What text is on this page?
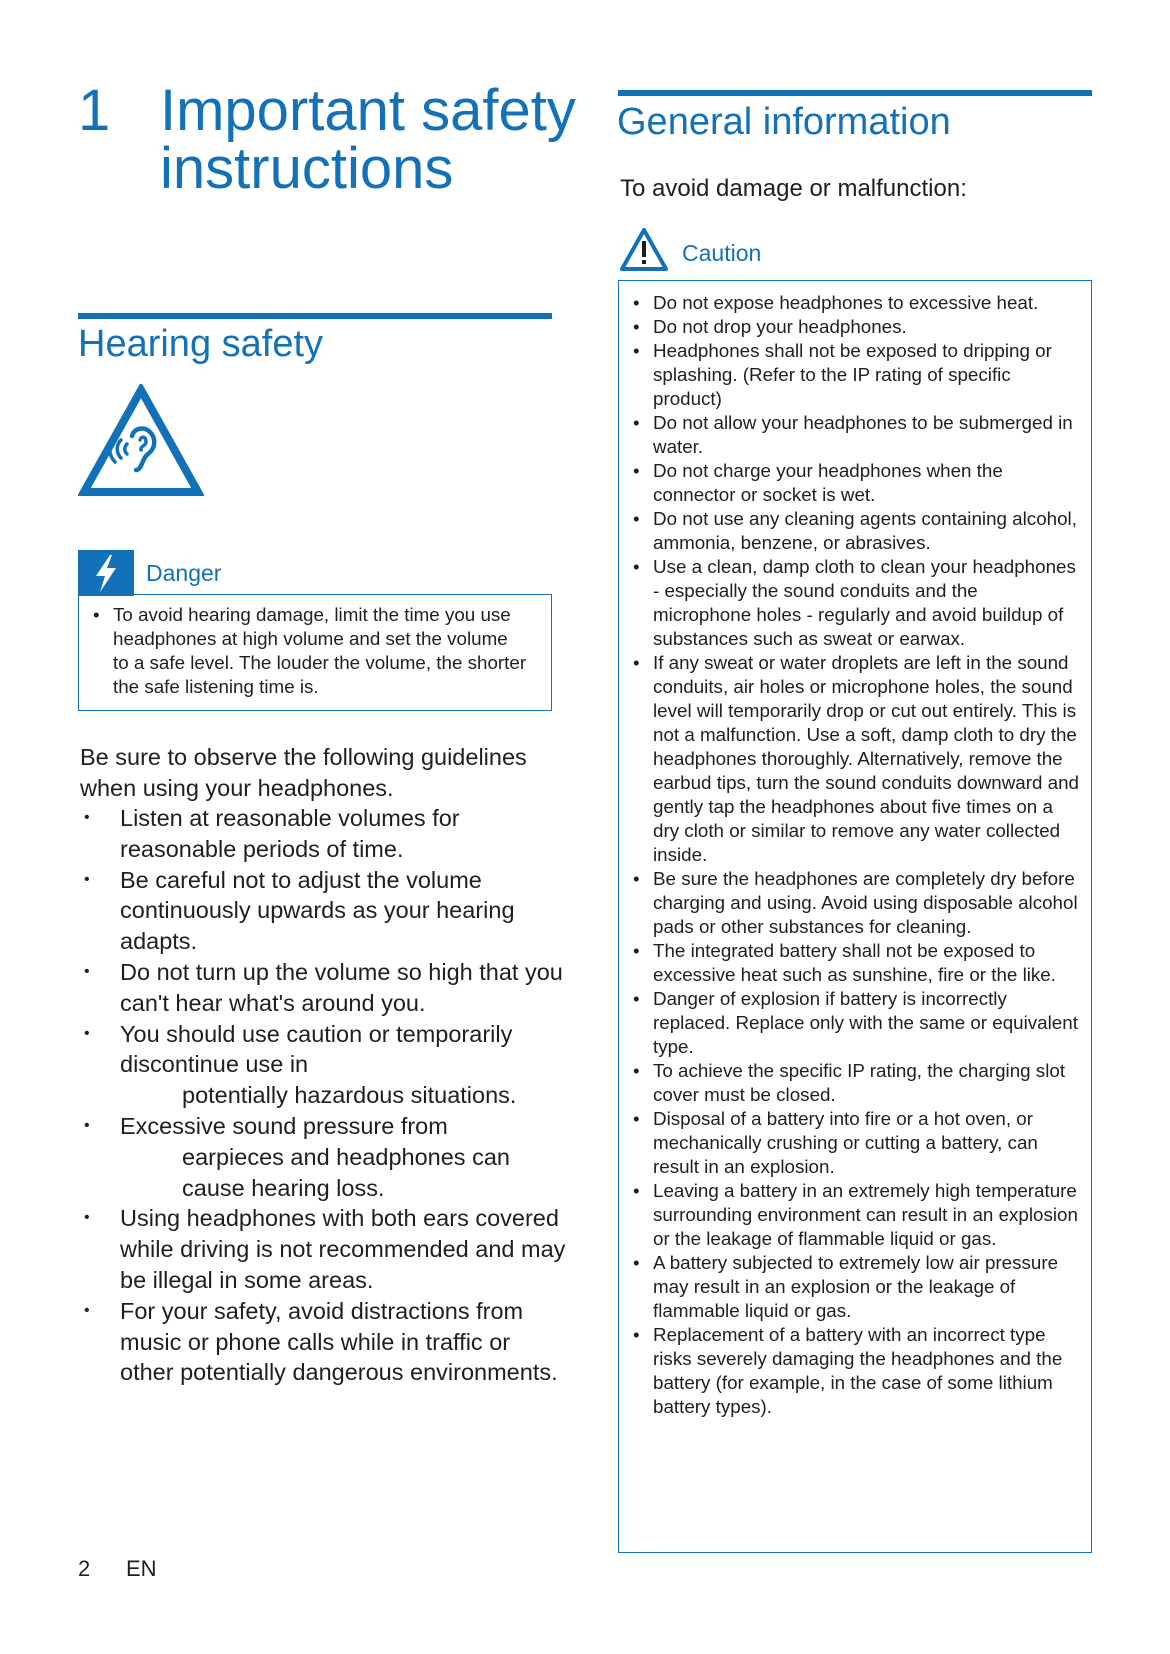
1 Important safety instructions
Hearing safety
Danger
• To avoid hearing damage, limit the time you use headphones at high volume and set the volume to a safe level. The louder the volume, the shorter the safe listening time is.
Be sure to observe the following guidelines when using your headphones.
• Listen at reasonable volumes for reasonable periods of time.
• Be careful not to adjust the volume continuously upwards as your hearing adapts.
• Do not turn up the volume so high that you can't hear what's around you.
• You should use caution or temporarily discontinue use in
potentially hazardous situations.
• Excessive sound pressure from
earpieces and headphones can cause hearing loss.
• Using headphones with both ears covered while driving is not recommended and may be illegal in some areas.
• For your safety, avoid distractions from music or phone calls while in traffic or other potentially dangerous environments.
General information
To avoid damage or malfunction:
Caution
• Do not expose headphones to excessive heat.
• Do not drop your headphones.
• Headphones shall not be exposed to dripping or splashing. (Refer to the IP rating of specific product)
• Do not allow your headphones to be submerged in water.
• Do not charge your headphones when the connector or socket is wet.
• Do not use any cleaning agents containing alcohol, ammonia, benzene, or abrasives.
• Use a clean, damp cloth to clean your headphones - especially the sound conduits and the microphone holes - regularly and avoid buildup of substances such as sweat or earwax.
• If any sweat or water droplets are left in the sound conduits, air holes or microphone holes, the sound level will temporarily drop or cut out entirely. This is not a malfunction. Use a soft, damp cloth to dry the headphones thoroughly. Alternatively, remove the earbud tips, turn the sound conduits downward and gently tap the headphones about five times on a dry cloth or similar to remove any water collected inside.
• Be sure the headphones are completely dry before charging and using. Avoid using disposable alcohol pads or other substances for cleaning.
• The integrated battery shall not be exposed to excessive heat such as sunshine, fire or the like.
• Danger of explosion if battery is incorrectly replaced. Replace only with the same or equivalent type.
• To achieve the specific IP rating, the charging slot cover must be closed.
• Disposal of a battery into fire or a hot oven, or mechanically crushing or cutting a battery, can result in an explosion.
• Leaving a battery in an extremely high temperature surrounding environment can result in an explosion or the leakage of flammable liquid or gas.
• A battery subjected to extremely low air pressure may result in an explosion or the leakage of flammable liquid or gas.
• Replacement of a battery with an incorrect type risks severely damaging the headphones and the battery (for example, in the case of some lithium battery types).
2 EN
